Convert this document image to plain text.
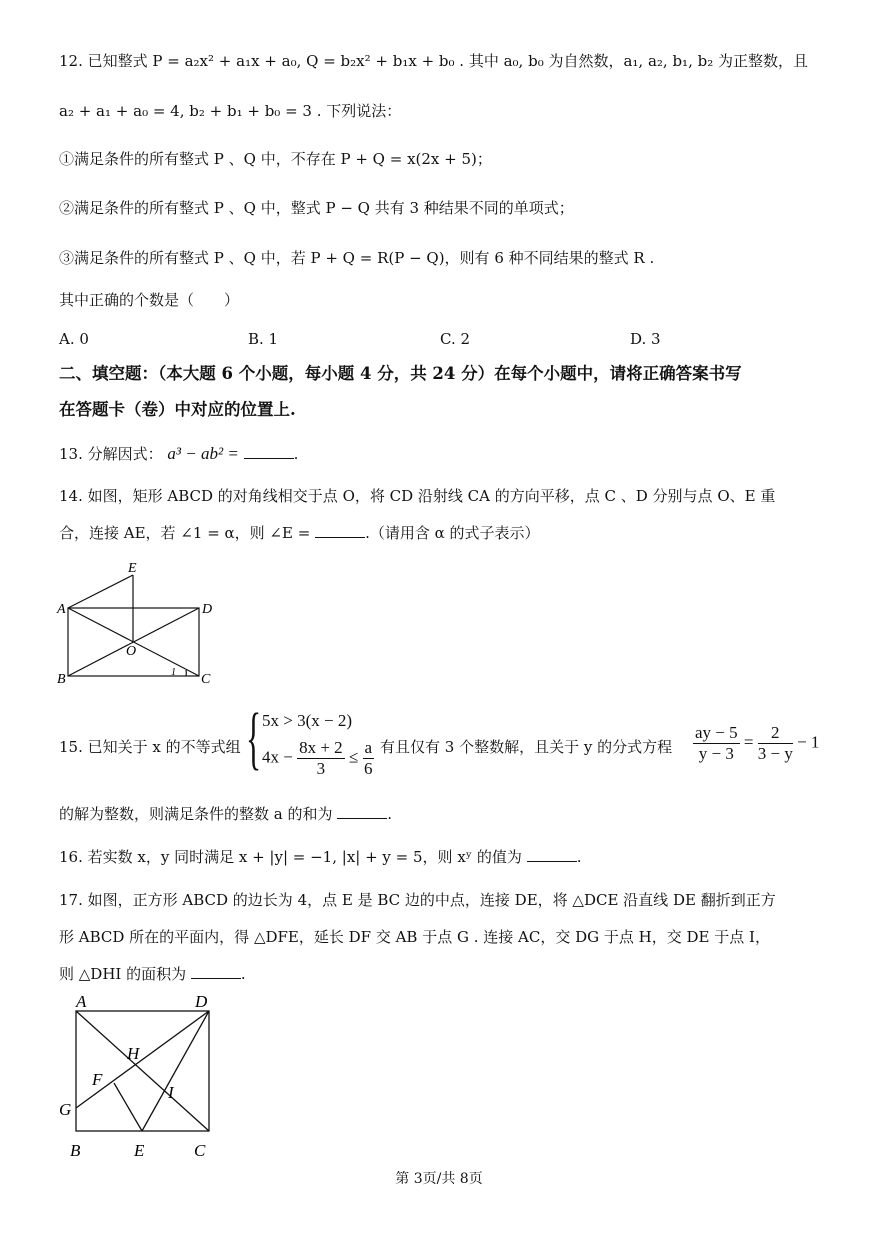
12. 已知整式 P = a₂x² + a₁x + a₀, Q = b₂x² + b₁x + b₀ . 其中 a₀, b₀ 为自然数，a₁, a₂, b₁, b₂ 为正整数，且
a₂ + a₁ + a₀ = 4, b₂ + b₁ + b₀ = 3 . 下列说法：
①满足条件的所有整式 P 、Q 中，不存在 P + Q = x(2x + 5)；
②满足条件的所有整式 P 、Q 中，整式 P − Q 共有 3 种结果不同的单项式；
③满足条件的所有整式 P 、Q 中，若 P + Q = R(P − Q)，则有 6 种不同结果的整式 R .
其中正确的个数是（　　）
A. 0	B. 1	C. 2	D. 3
二、填空题：（本大题 6 个小题，每小题 4 分，共 24 分）在每个小题中，请将正确答案书写
在答题卡（卷）中对应的位置上.
13. 分解因式： a³ − ab² =	.
14. 如图，矩形 ABCD 的对角线相交于点 O，将 CD 沿射线 CA 的方向平移，点 C 、D 分别与点 O、E 重
合，连接 AE，若 ∠1 = α，则 ∠E =	.（请用含 α 的式子表示）
E
A	D
O
B	C
1
15. 已知关于 x 的不等式组 { 5x > 3(x − 2)
$4x - \frac{8x + 2}{3} \le \frac{a}{6}$ 有且仅有 3 个整数解，且关于 y 的分式方程 $\frac{ay - 5}{y - 3} = \frac{2}{3 - y} - 1$
的解为整数，则满足条件的整数 a 的和为	.
16. 若实数 x，y 同时满足 x + |y| = −1, |x| + y = 5，则 xʸ 的值为	.
17. 如图，正方形 ABCD 的边长为 4，点 E 是 BC 边的中点，连接 DE，将 △DCE 沿直线 DE 翻折到正方
形 ABCD 所在的平面内，得 △DFE，延长 DF 交 AB 于点 G . 连接 AC，交 DG 于点 H，交 DE 于点 I，
则 △DHI 的面积为	.
A	D
H
F
I
G
B	E	C
第 3页/共 8页
